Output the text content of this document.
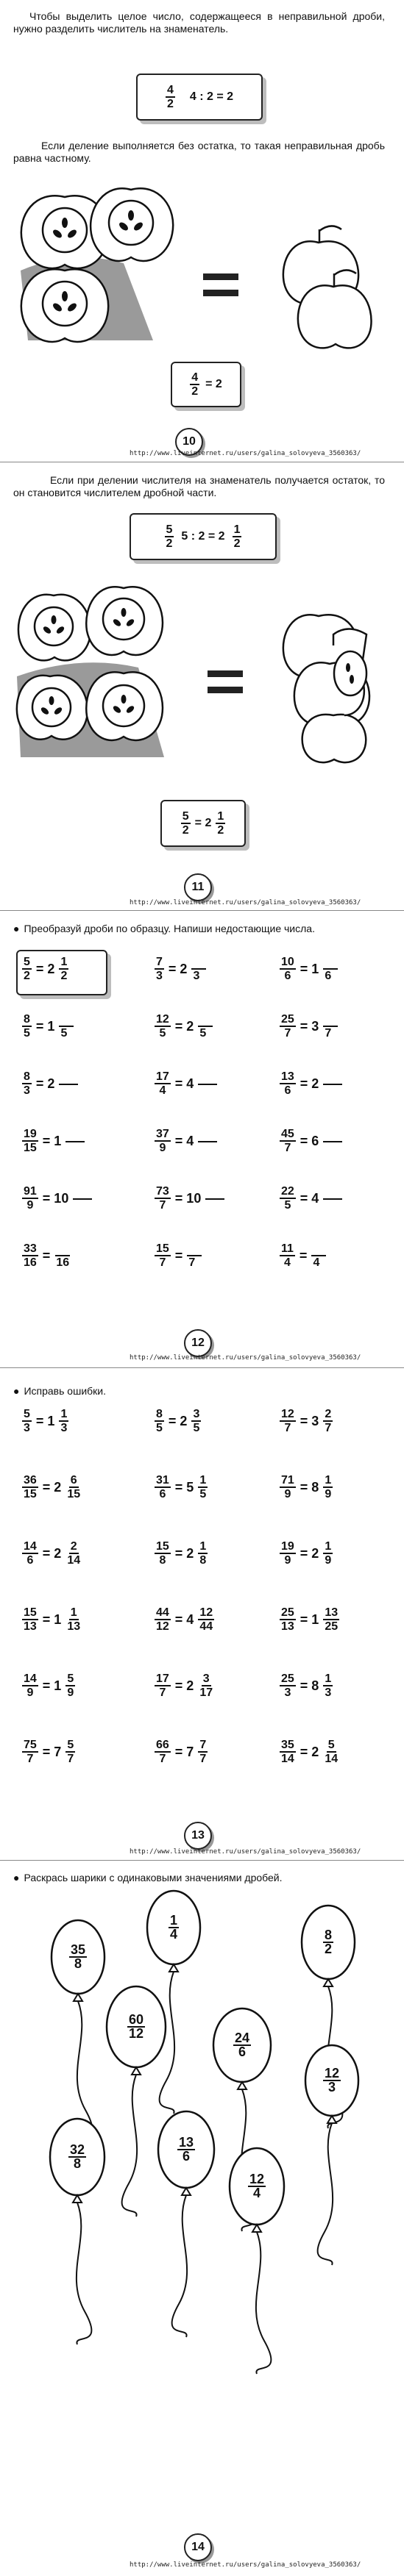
Чтобы выделить целое число, содержащееся в неправильной дроби, нужно разделить числитель на знаменатель.
$\frac{4}{2} 4$ : 2 = 2
Если деление выполняется без остатка, то такая неправильная дробь равна частному.
$\frac{4}{2} = 2$
10
http://www.liveinternet.ru/users/galina_solovyeva_3560363/
Если при делении числителя на знаменатель получается остаток, то он становится числителем дробной части.
$\frac{5}{2} 5$ : $2 = 2 \frac{1}{2}$
$\frac{5}{2} = 2 \frac{1}{2}$
11
http://www.liveinternet.ru/users/galina_solovyeva_3560363/
● Преобразуй дроби по образцу. Напиши недостающие числа.
12
http://www.liveinternet.ru/users/galina_solovyeva_3560363/
● Исправь ошибки.
13
http://www.liveinternet.ru/users/galina_solovyeva_3560363/
● Раскрась шарики с одинаковыми значениями дробей.
14
http://www.liveinternet.ru/users/galina_solovyeva_3560363/
$\frac{5}{2} = 2 \frac{1}{2}$	$\frac{7}{3} = 2$ 3	$\frac{10}{6} = 1$ 6
$\frac{8}{5} = 1$ 5	$\frac{12}{5} = 2$ 5	$\frac{25}{7} = 3$ 7
$\frac{8}{3} = 2$	$\frac{17}{4} = 4$	$\frac{13}{6} = 2$
$\frac{19}{15} = 1$	$\frac{37}{9} = 4$	$\frac{45}{7} = 6$
$\frac{91}{9} = 10$	$\frac{73}{7} = 10$	$\frac{22}{5} = 4$
$\frac{33}{16} = 16$	$\frac{15}{7} = 7$	$\frac{11}{4} = 4$
$\frac{5}{3} = 1 \frac{1}{3}$	$\frac{8}{5} = 2 \frac{3}{5}$	$\frac{12}{7} = 3 \frac{2}{7}$
$\frac{36}{15} = 2 \frac{6}{15}$	$\frac{31}{6} = 5 \frac{1}{5}$	$\frac{71}{9} = 8 \frac{1}{9}$
$\frac{14}{6} = 2 \frac{2}{14}$	$\frac{15}{8} = 2 \frac{1}{8}$	$\frac{19}{9} = 2 \frac{1}{9}$
$\frac{15}{13} = 1 \frac{1}{13}$	$\frac{44}{12} = 4 \frac{12}{44}$	$\frac{25}{13} = 1 \frac{13}{25}$
$\frac{14}{9} = 1 \frac{5}{9}$	$\frac{17}{7} = 2 \frac{3}{17}$	$\frac{25}{3} = 8 \frac{1}{3}$
$\frac{75}{7} = 7 \frac{5}{7}$	$\frac{66}{7} = 7 \frac{7}{7}$	$\frac{35}{14} = 2 \frac{5}{14}$
$\frac{35}{8}$
$\frac{1}{4}$
$\frac{8}{2}$
$\frac{60}{12}$
$\frac{24}{6}$
$\frac{12}{3}$
$\frac{32}{8}$	$\frac{13}{6}$
$\frac{12}{4}$
